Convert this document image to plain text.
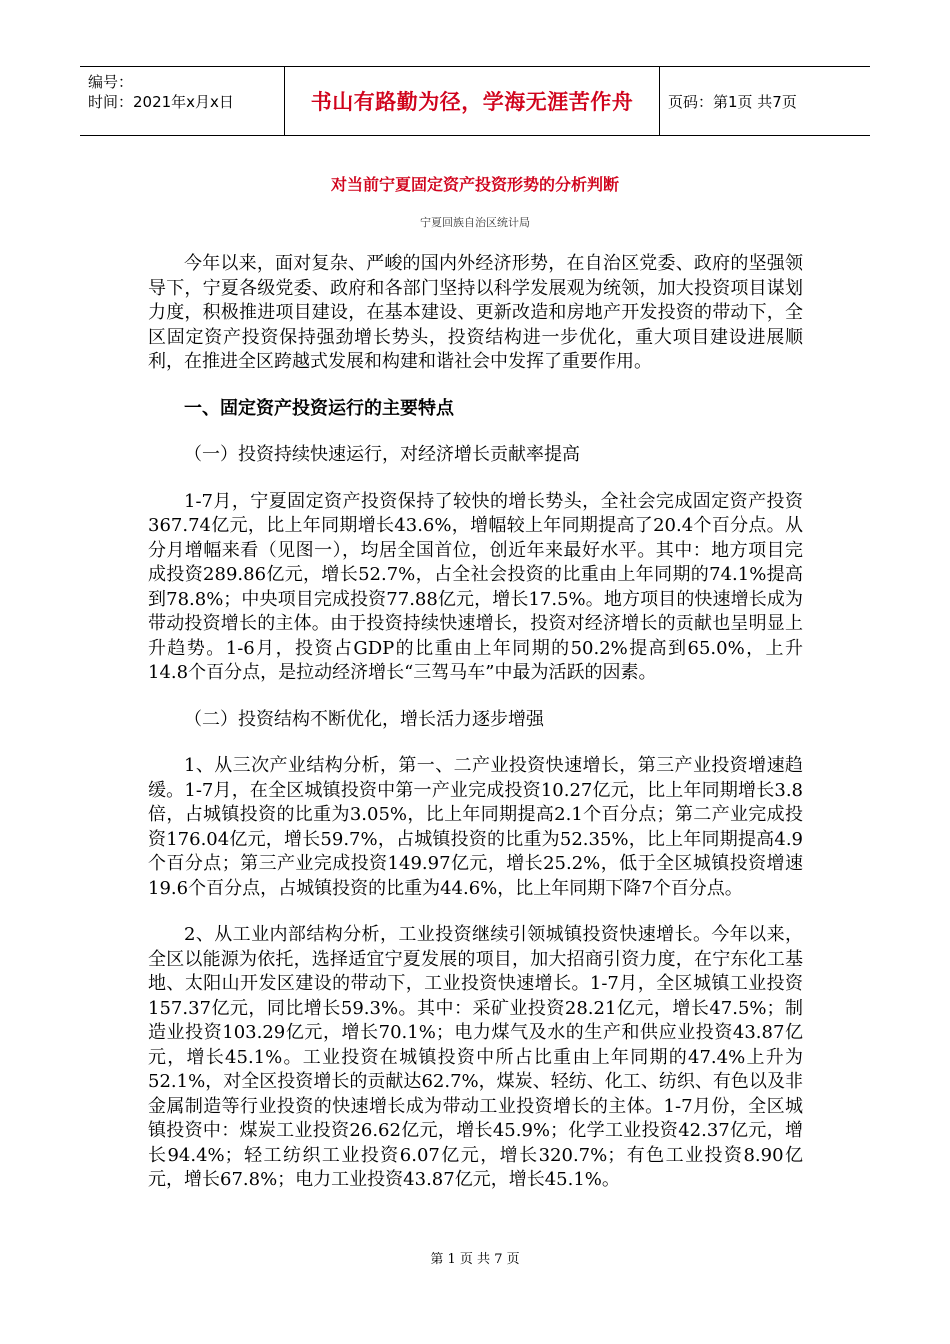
编号：
时间：2021年x月x日	书山有路勤为径，学海无涯苦作舟	页码：第1页 共7页
对当前宁夏固定资产投资形势的分析判断
宁夏回族自治区统计局

今年以来，面对复杂、严峻的国内外经济形势，在自治区党委、政府的坚强领导下，宁夏各级党委、政府和各部门坚持以科学发展观为统领，加大投资项目谋划力度，积极推进项目建设，在基本建设、更新改造和房地产开发投资的带动下，全区固定资产投资保持强劲增长势头，投资结构进一步优化，重大项目建设进展顺利，在推进全区跨越式发展和构建和谐社会中发挥了重要作用。

一、固定资产投资运行的主要特点

（一）投资持续快速运行，对经济增长贡献率提高

1-7月，宁夏固定资产投资保持了较快的增长势头，全社会完成固定资产投资367.74亿元，比上年同期增长43.6%，增幅较上年同期提高了20.4个百分点。从分月增幅来看（见图一），均居全国首位，创近年来最好水平。其中：地方项目完成投资289.86亿元，增长52.7%，占全社会投资的比重由上年同期的74.1%提高到78.8%；中央项目完成投资77.88亿元，增长17.5%。地方项目的快速增长成为带动投资增长的主体。由于投资持续快速增长，投资对经济增长的贡献也呈明显上升趋势。1-6月，投资占GDP的比重由上年同期的50.2%提高到65.0%，上升14.8个百分点，是拉动经济增长“三驾马车”中最为活跃的因素。

（二）投资结构不断优化，增长活力逐步增强

1、从三次产业结构分析，第一、二产业投资快速增长，第三产业投资增速趋缓。1-7月，在全区城镇投资中第一产业完成投资10.27亿元，比上年同期增长3.8倍，占城镇投资的比重为3.05%，比上年同期提高2.1个百分点；第二产业完成投资176.04亿元，增长59.7%，占城镇投资的比重为52.35%，比上年同期提高4.9个百分点；第三产业完成投资149.97亿元，增长25.2%，低于全区城镇投资增速19.6个百分点，占城镇投资的比重为44.6%，比上年同期下降7个百分点。

2、从工业内部结构分析，工业投资继续引领城镇投资快速增长。今年以来，全区以能源为依托，选择适宜宁夏发展的项目，加大招商引资力度，在宁东化工基地、太阳山开发区建设的带动下，工业投资快速增长。1-7月，全区城镇工业投资157.37亿元，同比增长59.3%。其中：采矿业投资28.21亿元，增长47.5%；制造业投资103.29亿元，增长70.1%；电力煤气及水的生产和供应业投资43.87亿元，增长45.1%。工业投资在城镇投资中所占比重由上年同期的47.4%上升为52.1%，对全区投资增长的贡献达62.7%，煤炭、轻纺、化工、纺织、有色以及非金属制造等行业投资的快速增长成为带动工业投资增长的主体。1-7月份，全区城镇投资中：煤炭工业投资26.62亿元，增长45.9%；化学工业投资42.37亿元，增长94.4%；轻工纺织工业投资6.07亿元，增长320.7%；有色工业投资8.90亿元，增长67.8%；电力工业投资43.87亿元，增长45.1%。

第 1 页 共 7 页
